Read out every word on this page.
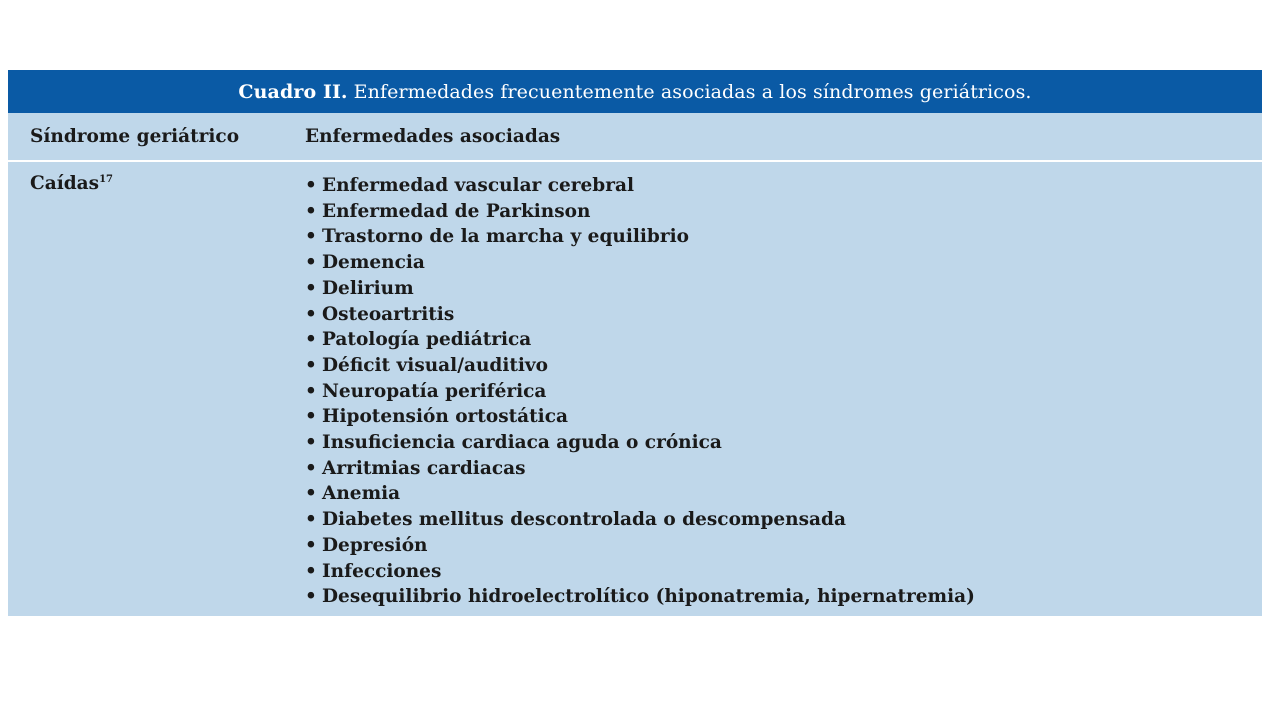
Cuadro II. Enfermedades frecuentemente asociadas a los síndromes geriátricos.
Síndrome geriátrico	Enfermedades asociadas
Caídas$^{17}$
•	Enfermedad vascular cerebral
• Enfermedad de Parkinson
• Trastorno de la marcha y equilibrio
• Demencia
• Delirium
• Osteoartritis
• Patología pediátrica
• Déficit visual/auditivo
• Neuropatía periférica
• Hipotensión ortostática
• Insuficiencia cardiaca aguda o crónica
• Arritmias cardiacas
• Anemia
• Diabetes mellitus descontrolada o descompensada
• Depresión
• Infecciones
• Desequilibrio hidroelectrolítico (hiponatremia, hipernatremia)
